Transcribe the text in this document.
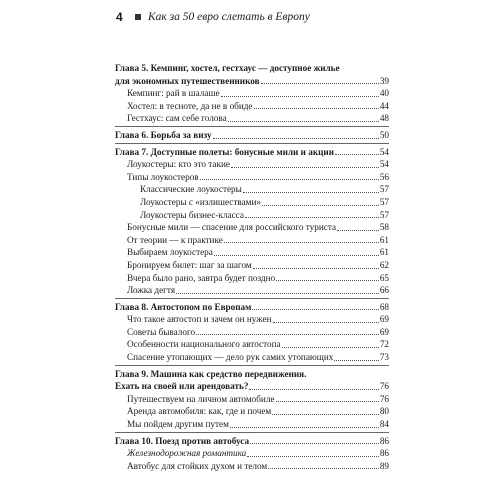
4 Как за 50 евро слетать в Европу
Глава 5. Кемпинг, хостел, гестхаус — доступное жилье
для экономных путешественников	39
Кемпинг: рай в шалаше	40
Хостел: в тесноте, да не в обиде	44
Гестхаус: сам себе голова	48
Глава 6. Борьба за визу	50
Глава 7. Доступные полеты: бонусные мили и акции	54
Лоукостеры: кто это такие	54
Типы лоукостеров	56
Классические лоукостеры	57
Лоукостеры с «излишествами»	57
Лоукостеры бизнес-класса	57
Бонусные мили — спасение для российского туриста	58
От теории — к практике	61
Выбираем лоукостера	61
Бронируем билет: шаг за шагом	62
Вчера было рано, завтра будет поздно	65
Ложка дегтя	66
Глава 8. Автостопом по Европам	68
Что такое автостоп и зачем он нужен	69
Советы бывалого	69
Особенности национального автостопа	72
Спасение утопающих — дело рук самих утопающих	73
Глава 9. Машина как средство передвижения.
Ехать на своей или арендовать?	76
Путешествуем на личном автомобиле	76
Аренда автомобиля: как, где и почем	80
Мы пойдем другим путем	84
Глава 10. Поезд против автобуса	86
Железнодорожная романтика	86
Автобус для стойких духом и телом	89
